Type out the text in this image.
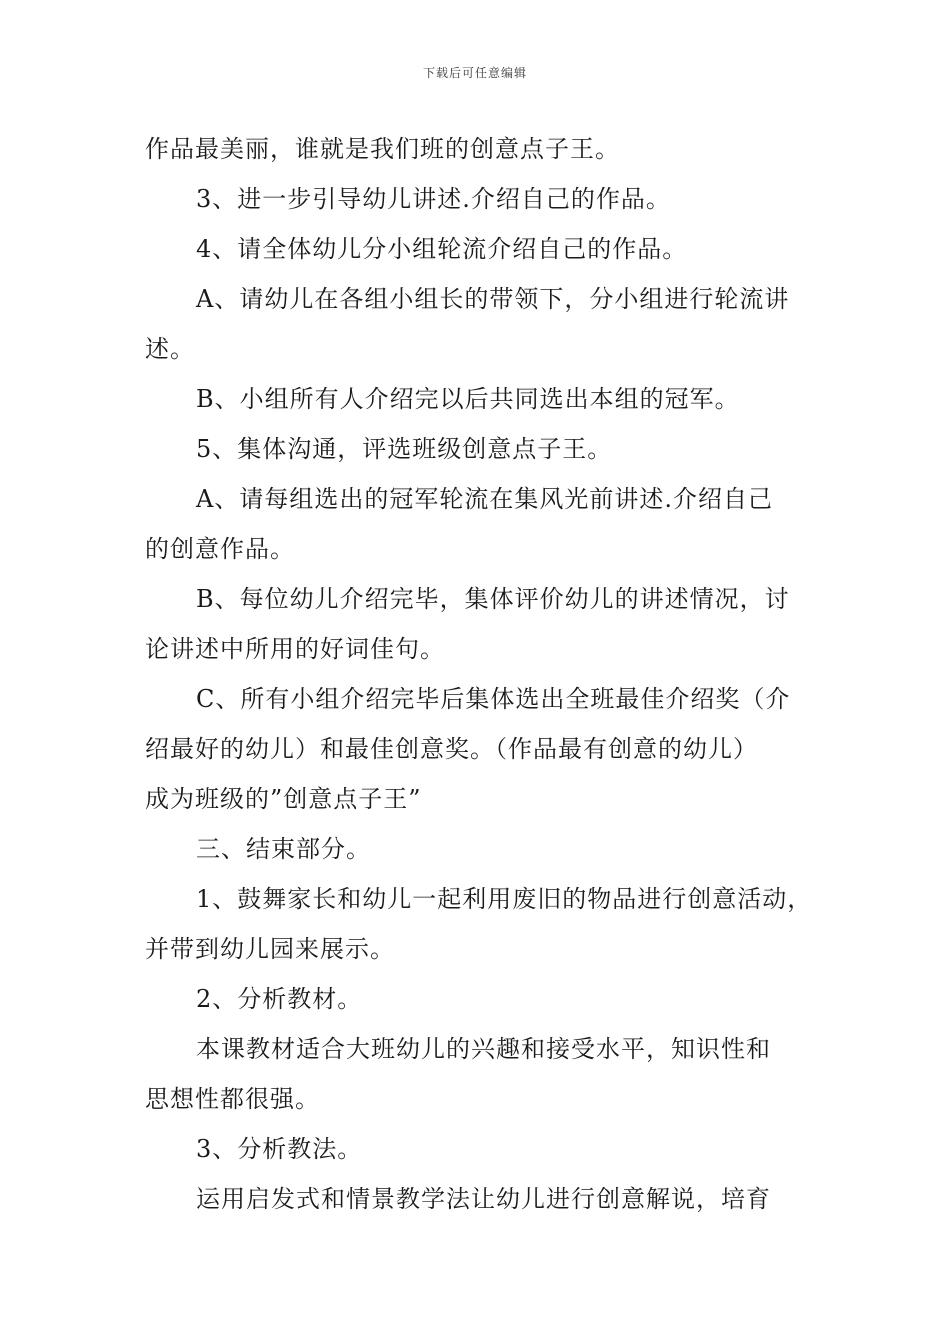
下载后可任意编辑
作品最美丽，谁就是我们班的创意点子王。
3、进一步引导幼儿讲述.介绍自己的作品。
4、请全体幼儿分小组轮流介绍自己的作品。
A、请幼儿在各组小组长的带领下，分小组进行轮流讲
述。
B、小组所有人介绍完以后共同选出本组的冠军。
5、集体沟通，评选班级创意点子王。
A、请每组选出的冠军轮流在集风光前讲述.介绍自己
的创意作品。
B、每位幼儿介绍完毕，集体评价幼儿的讲述情况，讨
论讲述中所用的好词佳句。
C、所有小组介绍完毕后集体选出全班最佳介绍奖（介
绍最好的幼儿）和最佳创意奖。（作品最有创意的幼儿）
成为班级的”创意点子王”
三、结束部分。
1、鼓舞家长和幼儿一起利用废旧的物品进行创意活动，
并带到幼儿园来展示。
2、分析教材。
本课教材适合大班幼儿的兴趣和接受水平，知识性和
思想性都很强。
3、分析教法。
运用启发式和情景教学法让幼儿进行创意解说，培育
